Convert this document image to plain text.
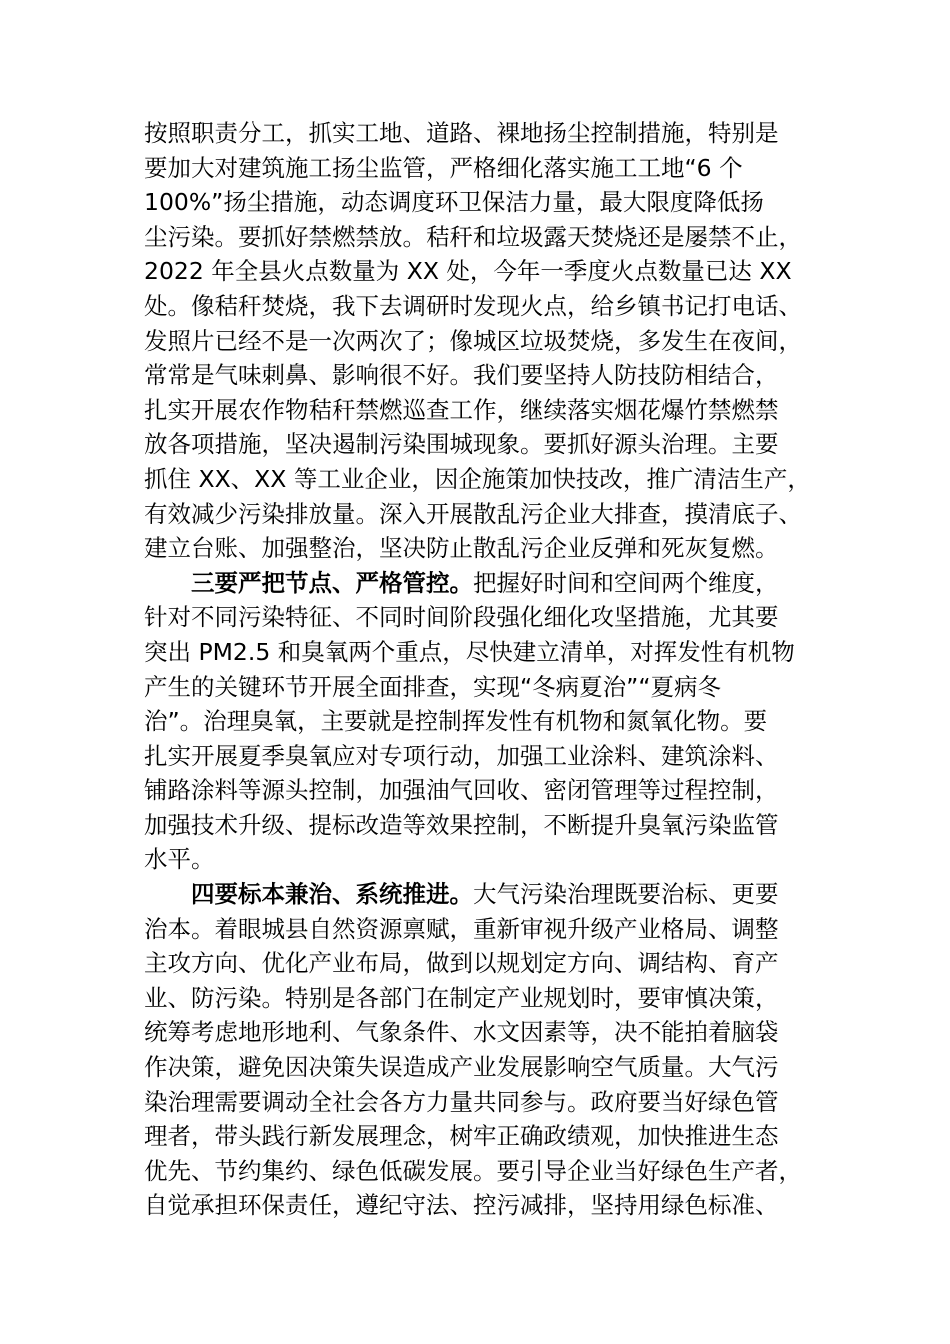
按照职责分工，抓实工地、道路、裸地扬尘控制措施，特别是
要加大对建筑施工扬尘监管，严格细化落实施工工地“6 个
100%”扬尘措施，动态调度环卫保洁力量，最大限度降低扬
尘污染。要抓好禁燃禁放。秸秆和垃圾露天焚烧还是屡禁不止，
2022 年全县火点数量为 XX 处，今年一季度火点数量已达 XX
处。像秸秆焚烧，我下去调研时发现火点，给乡镇书记打电话、
发照片已经不是一次两次了；像城区垃圾焚烧，多发生在夜间，
常常是气味刺鼻、影响很不好。我们要坚持人防技防相结合，
扎实开展农作物秸秆禁燃巡查工作，继续落实烟花爆竹禁燃禁
放各项措施，坚决遏制污染围城现象。要抓好源头治理。主要
抓住 XX、XX 等工业企业，因企施策加快技改，推广清洁生产，
有效减少污染排放量。深入开展散乱污企业大排查，摸清底子、
建立台账、加强整治，坚决防止散乱污企业反弹和死灰复燃。
三要严把节点、严格管控。把握好时间和空间两个维度，
针对不同污染特征、不同时间阶段强化细化攻坚措施，尤其要
突出 PM2.5 和臭氧两个重点，尽快建立清单，对挥发性有机物
产生的关键环节开展全面排查，实现“冬病夏治”“夏病冬
治”。治理臭氧，主要就是控制挥发性有机物和氮氧化物。要
扎实开展夏季臭氧应对专项行动，加强工业涂料、建筑涂料、
铺路涂料等源头控制，加强油气回收、密闭管理等过程控制，
加强技术升级、提标改造等效果控制，不断提升臭氧污染监管
水平。
四要标本兼治、系统推进。大气污染治理既要治标、更要
治本。着眼城县自然资源禀赋，重新审视升级产业格局、调整
主攻方向、优化产业布局，做到以规划定方向、调结构、育产
业、防污染。特别是各部门在制定产业规划时，要审慎决策，
统筹考虑地形地利、气象条件、水文因素等，决不能拍着脑袋
作决策，避免因决策失误造成产业发展影响空气质量。大气污
染治理需要调动全社会各方力量共同参与。政府要当好绿色管
理者，带头践行新发展理念，树牢正确政绩观，加快推进生态
优先、节约集约、绿色低碳发展。要引导企业当好绿色生产者，
自觉承担环保责任，遵纪守法、控污减排，坚持用绿色标准、
